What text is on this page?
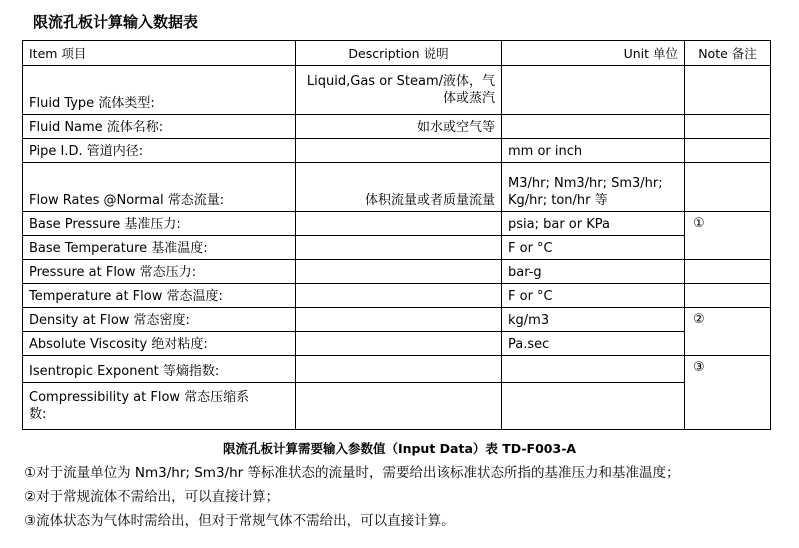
限流孔板计算输入数据表
Item 项目	Description 说明	Unit 单位	Note 备注
Fluid Type 流体类型:	Liquid,Gas or Steam/液体，气
体或蒸汽		

Fluid Name 流体名称:	如水或空气等		
Pipe I.D. 管道内径:		mm or inch	
Flow Rates @Normal 常态流量:	体积流量或者质量流量	M3/hr; Nm3/hr; Sm3/hr;
Kg/hr; ton/hr 等	

Base Pressure 基准压力:		psia; bar or KPa	①
Base Temperature 基准温度:		F or °C	
Pressure at Flow 常态压力:		bar-g	
Temperature at Flow 常态温度:		F or °C	
Density at Flow 常态密度:		kg/m3	②
Absolute Viscosity 绝对粘度:		Pa.sec	
Isentropic Exponent 等熵指数:			③

Compressibility at Flow 常态压缩系
数:			

限流孔板计算需要输入参数值（Input Data）表 TD-F003-A
①对于流量单位为 Nm3/hr; Sm3/hr 等标准状态的流量时，需要给出该标准状态所指的基准压力和基准温度；
②对于常规流体不需给出，可以直接计算；
③流体状态为气体时需给出，但对于常规气体不需给出，可以直接计算。
